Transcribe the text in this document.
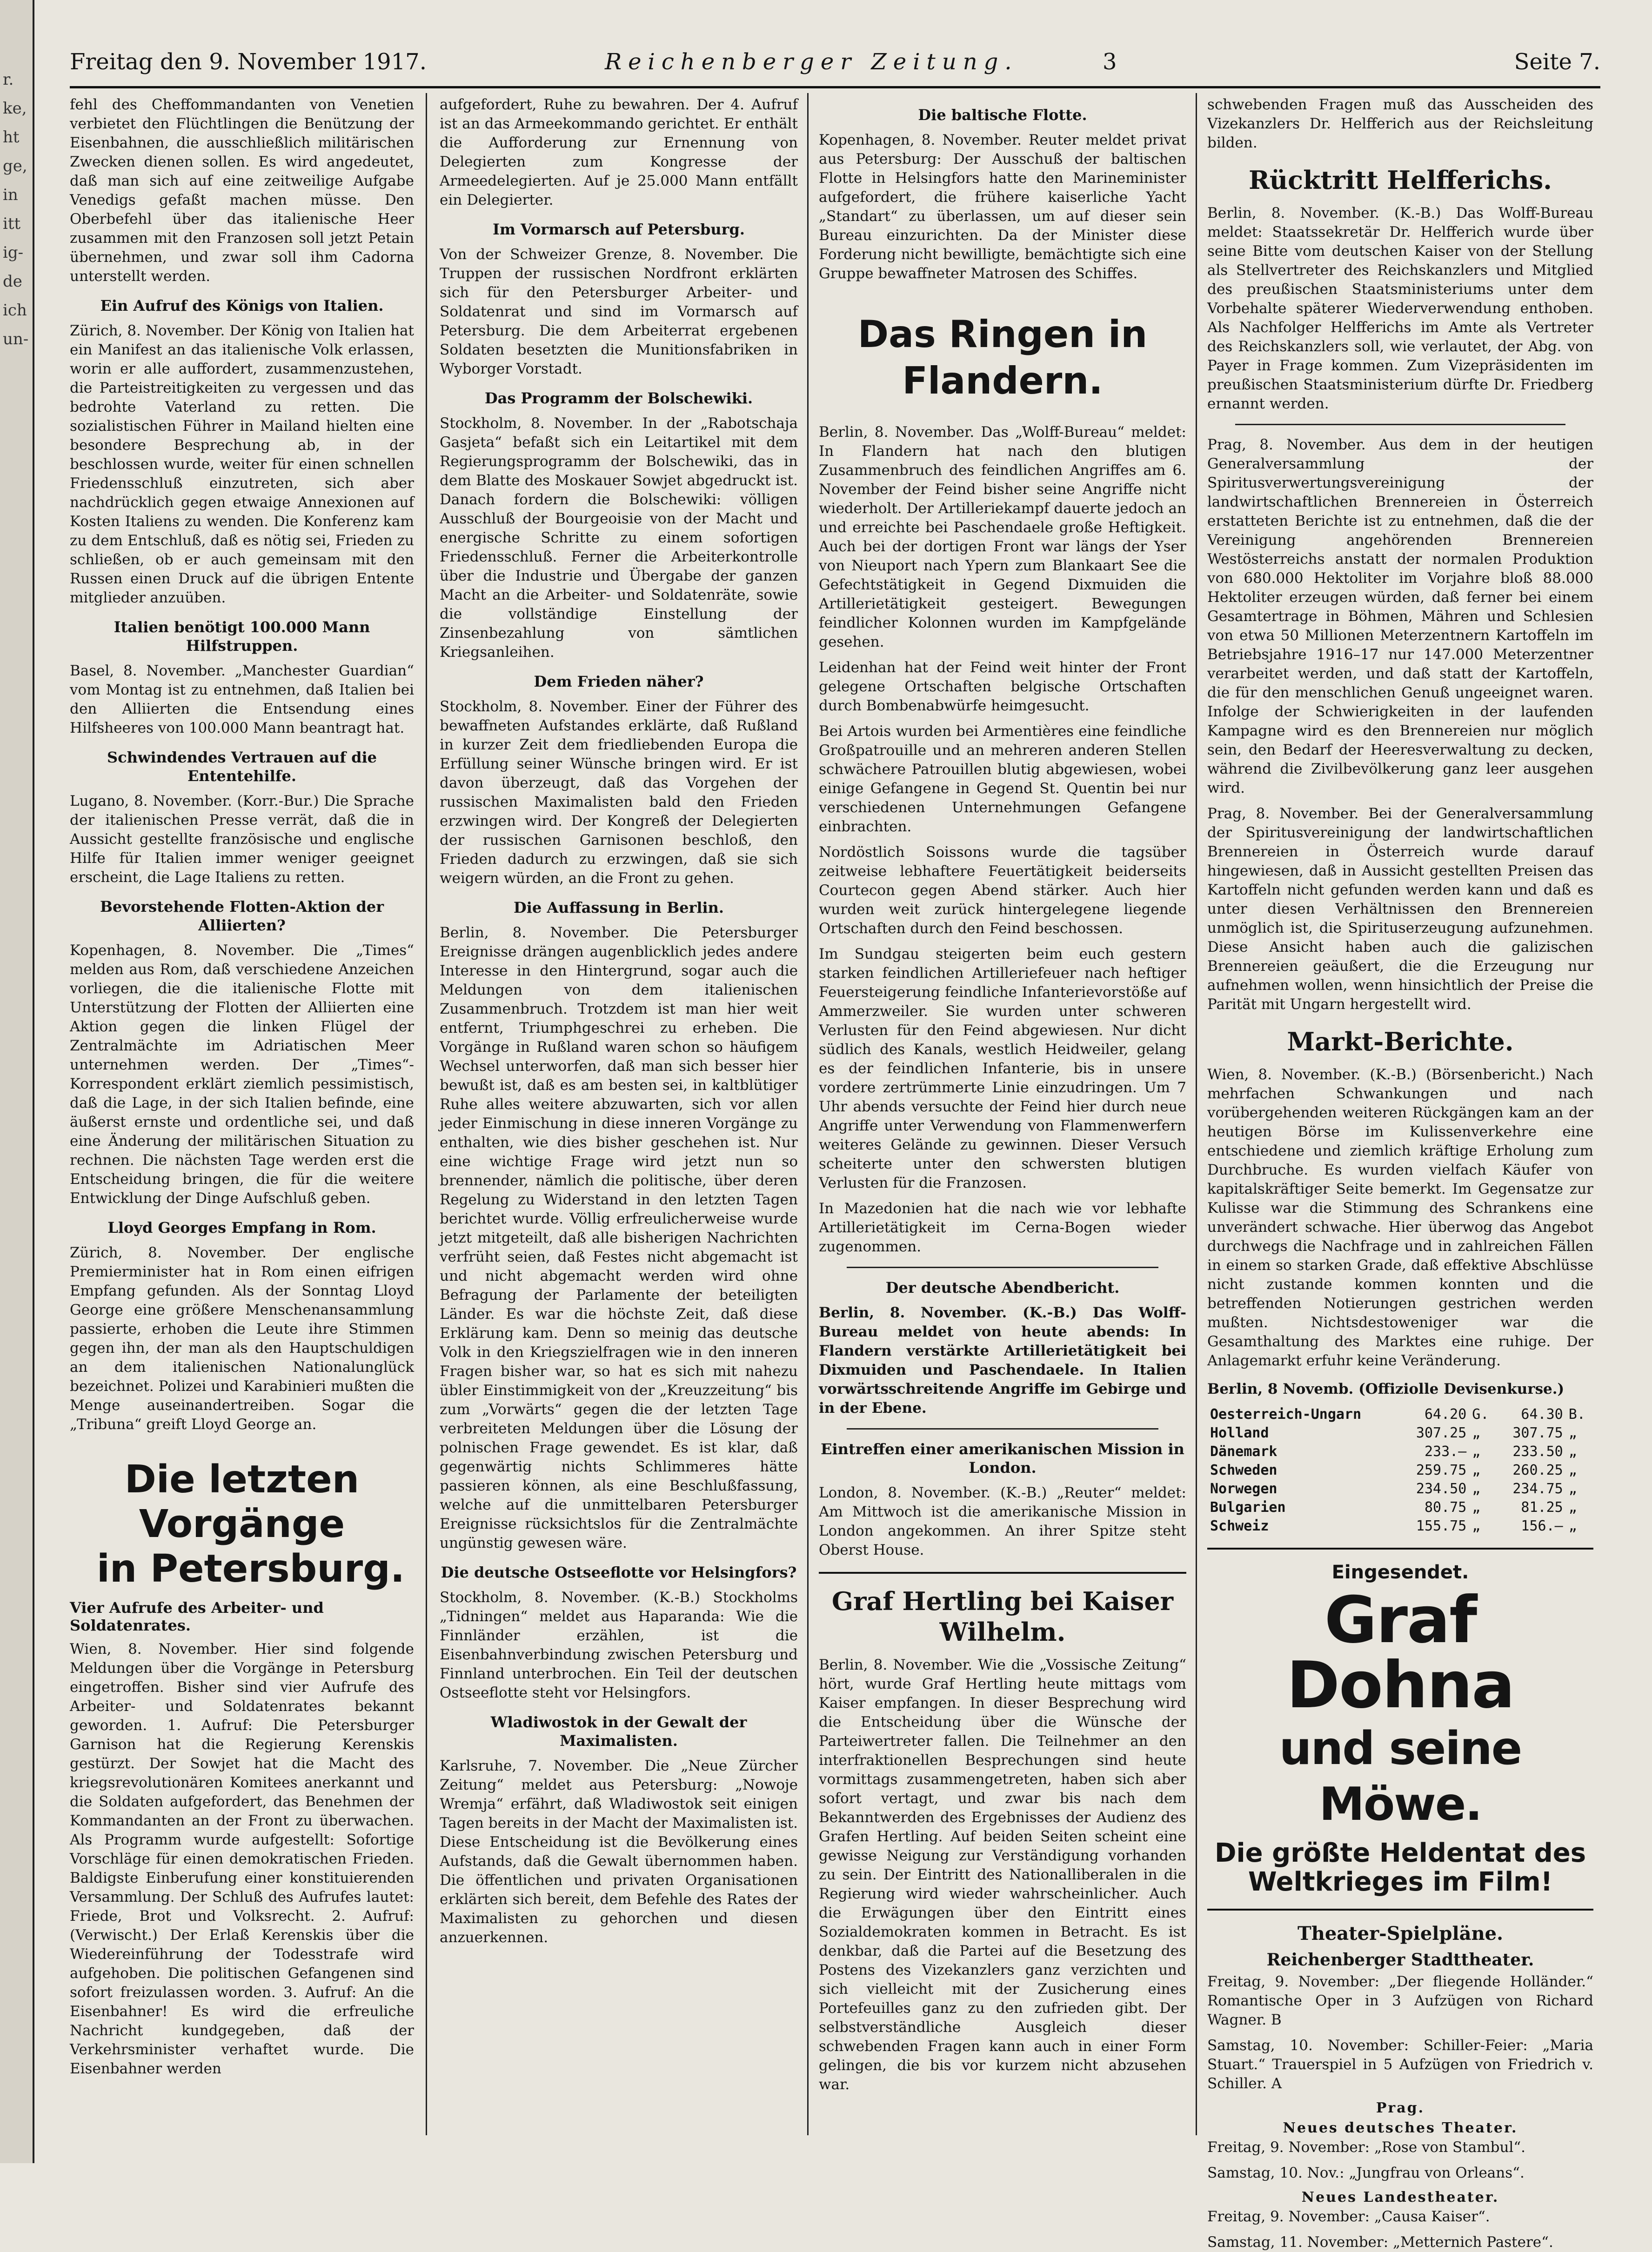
r.
ke,
ht
ge,
in
itt
ig-
de
ich
un-
Freitag den 9. November 1917.	Reichenberger Zeitung.	3	Seite 7.

fehl des Cheffommandanten von Venetien verbietet den Flüchtlingen die Benützung der Eisenbahnen, die ausschließlich militärischen Zwecken dienen sollen. Es wird angedeutet, daß man sich auf eine zeitweilige Aufgabe Venedigs gefaßt machen müsse. Den Oberbefehl über das italienische Heer zusammen mit den Franzosen soll jetzt Petain übernehmen, und zwar soll ihm Cadorna unterstellt werden.

Ein Aufruf des Königs von Italien.

Zürich, 8. November. Der König von Italien hat ein Manifest an das italienische Volk erlassen, worin er alle auffordert, zusammenzustehen, die Parteistreitigkeiten zu vergessen und das bedrohte Vaterland zu retten. Die sozialistischen Führer in Mailand hielten eine besondere Besprechung ab, in der beschlossen wurde, weiter für einen schnellen Friedensschluß einzutreten, sich aber nachdrücklich gegen etwaige Annexionen auf Kosten Italiens zu wenden. Die Konferenz kam zu dem Entschluß, daß es nötig sei, Frieden zu schließen, ob er auch gemeinsam mit den Russen einen Druck auf die übrigen Entente mitglieder anzuüben.

Italien benötigt 100.000 Mann Hilfstruppen.

Basel, 8. November. „Manchester Guardian“ vom Montag ist zu entnehmen, daß Italien bei den Alliierten die Entsendung eines Hilfsheeres von 100.000 Mann beantragt hat.

Schwindendes Vertrauen auf die Ententehilfe.

Lugano, 8. November. (Korr.-Bur.) Die Sprache der italienischen Presse verrät, daß die in Aussicht gestellte französische und englische Hilfe für Italien immer weniger geeignet erscheint, die Lage Italiens zu retten.

Bevorstehende Flotten-Aktion der Alliierten?

Kopenhagen, 8. November. Die „Times“ melden aus Rom, daß verschiedene Anzeichen vorliegen, die die italienische Flotte mit Unterstützung der Flotten der Alliierten eine Aktion gegen die linken Flügel der Zentralmächte im Adriatischen Meer unternehmen werden. Der „Times“-Korrespondent erklärt ziemlich pessimistisch, daß die Lage, in der sich Italien befinde, eine äußerst ernste und ordentliche sei, und daß eine Änderung der militärischen Situation zu rechnen. Die nächsten Tage werden erst die Entscheidung bringen, die für die weitere Entwicklung der Dinge Aufschluß geben.

Lloyd Georges Empfang in Rom.

Zürich, 8. November. Der englische Premierminister hat in Rom einen eifrigen Empfang gefunden. Als der Sonntag Lloyd George eine größere Menschenansammlung passierte, erhoben die Leute ihre Stimmen gegen ihn, der man als den Hauptschuldigen an dem italienischen Nationalunglück bezeichnet. Polizei und Karabinieri mußten die Menge auseinandertreiben. Sogar die „Tribuna“ greift Lloyd George an.

Die letzten Vorgänge

in Petersburg.
Vier Aufrufe des Arbeiter- und Soldatenrates.

Wien, 8. November. Hier sind folgende Meldungen über die Vorgänge in Petersburg eingetroffen. Bisher sind vier Aufrufe des Arbeiter- und Soldatenrates bekannt geworden. 1. Aufruf: Die Petersburger Garnison hat die Regierung Kerenskis gestürzt. Der Sowjet hat die Macht des kriegsrevolutionären Komitees anerkannt und die Soldaten aufgefordert, das Benehmen der Kommandanten an der Front zu überwachen. Als Programm wurde aufgestellt: Sofortige Vorschläge für einen demokratischen Frieden. Baldigste Einberufung einer konstituierenden Versammlung. Der Schluß des Aufrufes lautet: Friede, Brot und Volksrecht. 2. Aufruf: (Verwischt.) Der Erlaß Kerenskis über die Wiedereinführung der Todesstrafe wird aufgehoben. Die politischen Gefangenen sind sofort freizulassen worden. 3. Aufruf: An die Eisenbahner! Es wird die erfreuliche Nachricht kundgegeben, daß der Verkehrsminister verhaftet wurde. Die Eisenbahner werden

aufgefordert, Ruhe zu bewahren. Der 4. Aufruf ist an das Armeekommando gerichtet. Er enthält die Aufforderung zur Ernennung von Delegierten zum Kongresse der Armeedelegierten. Auf je 25.000 Mann entfällt ein Delegierter.

Im Vormarsch auf Petersburg.

Von der Schweizer Grenze, 8. November. Die Truppen der russischen Nordfront erklärten sich für den Petersburger Arbeiter- und Soldatenrat und sind im Vormarsch auf Petersburg. Die dem Arbeiterrat ergebenen Soldaten besetzten die Munitionsfabriken in Wyborger Vorstadt.

Das Programm der Bolschewiki.

Stockholm, 8. November. In der „Rabotschaja Gasjeta“ befaßt sich ein Leitartikel mit dem Regierungsprogramm der Bolschewiki, das in dem Blatte des Moskauer Sowjet abgedruckt ist. Danach fordern die Bolschewiki: völligen Ausschluß der Bourgeoisie von der Macht und energische Schritte zu einem sofortigen Friedensschluß. Ferner die Arbeiterkontrolle über die Industrie und Übergabe der ganzen Macht an die Arbeiter- und Soldatenräte, sowie die vollständige Einstellung der Zinsenbezahlung von sämtlichen Kriegsanleihen.

Dem Frieden näher?

Stockholm, 8. November. Einer der Führer des bewaffneten Aufstandes erklärte, daß Rußland in kurzer Zeit dem friedliebenden Europa die Erfüllung seiner Wünsche bringen wird. Er ist davon überzeugt, daß das Vorgehen der russischen Maximalisten bald den Frieden erzwingen wird. Der Kongreß der Delegierten der russischen Garnisonen beschloß, den Frieden dadurch zu erzwingen, daß sie sich weigern würden, an die Front zu gehen.

Die Auffassung in Berlin.

Berlin, 8. November. Die Petersburger Ereignisse drängen augenblicklich jedes andere Interesse in den Hintergrund, sogar auch die Meldungen von dem italienischen Zusammenbruch. Trotzdem ist man hier weit entfernt, Triumphgeschrei zu erheben. Die Vorgänge in Rußland waren schon so häufigem Wechsel unterworfen, daß man sich besser hier bewußt ist, daß es am besten sei, in kaltblütiger Ruhe alles weitere abzuwarten, sich vor allen jeder Einmischung in diese inneren Vorgänge zu enthalten, wie dies bisher geschehen ist. Nur eine wichtige Frage wird jetzt nun so brennender, nämlich die politische, über deren Regelung zu Widerstand in den letzten Tagen berichtet wurde. Völlig erfreulicherweise wurde jetzt mitgeteilt, daß alle bisherigen Nachrichten verfrüht seien, daß Festes nicht abgemacht ist und nicht abgemacht werden wird ohne Befragung der Parlamente der beteiligten Länder. Es war die höchste Zeit, daß diese Erklärung kam. Denn so meinig das deutsche Volk in den Kriegszielfragen wie in den inneren Fragen bisher war, so hat es sich mit nahezu übler Einstimmigkeit von der „Kreuzzeitung“ bis zum „Vorwärts“ gegen die der letzten Tage verbreiteten Meldungen über die Lösung der polnischen Frage gewendet. Es ist klar, daß gegenwärtig nichts Schlimmeres hätte passieren können, als eine Beschlußfassung, welche auf die unmittelbaren Petersburger Ereignisse rücksichtslos für die Zentralmächte ungünstig gewesen wäre.

Die deutsche Ostseeflotte vor Helsingfors?

Stockholm, 8. November. (K.-B.) Stockholms „Tidningen“ meldet aus Haparanda: Wie die Finnländer erzählen, ist die Eisenbahnverbindung zwischen Petersburg und Finnland unterbrochen. Ein Teil der deutschen Ostseeflotte steht vor Helsingfors.

Wladiwostok in der Gewalt der Maximalisten.

Karlsruhe, 7. November. Die „Neue Zürcher Zeitung“ meldet aus Petersburg: „Nowoje Wremja“ erfährt, daß Wladiwostok seit einigen Tagen bereits in der Macht der Maximalisten ist. Diese Entscheidung ist die Bevölkerung eines Aufstands, daß die Gewalt übernommen haben. Die öffentlichen und privaten Organisationen erklärten sich bereit, dem Befehle des Rates der Maximalisten zu gehorchen und diesen anzuerkennen.

Die baltische Flotte.

Kopenhagen, 8. November. Reuter meldet privat aus Petersburg: Der Ausschuß der baltischen Flotte in Helsingfors hatte den Marineminister aufgefordert, die frühere kaiserliche Yacht „Standart“ zu überlassen, um auf dieser sein Bureau einzurichten. Da der Minister diese Forderung nicht bewilligte, bemächtigte sich eine Gruppe bewaffneter Matrosen des Schiffes.

Das Ringen in Flandern.

Berlin, 8. November. Das „Wolff-Bureau“ meldet: In Flandern hat nach den blutigen Zusammenbruch des feindlichen Angriffes am 6. November der Feind bisher seine Angriffe nicht wiederholt. Der Artilleriekampf dauerte jedoch an und erreichte bei Paschendaele große Heftigkeit. Auch bei der dortigen Front war längs der Yser von Nieuport nach Ypern zum Blankaart See die Gefechtstätigkeit in Gegend Dixmuiden die Artillerietätigkeit gesteigert. Bewegungen feindlicher Kolonnen wurden im Kampfgelände gesehen.

Leidenhan hat der Feind weit hinter der Front gelegene Ortschaften belgische Ortschaften durch Bombenabwürfe heimgesucht.

Bei Artois wurden bei Armentières eine feindliche Großpatrouille und an mehreren anderen Stellen schwächere Patrouillen blutig abgewiesen, wobei einige Gefangene in Gegend St. Quentin bei nur verschiedenen Unternehmungen Gefangene einbrachten.

Nordöstlich Soissons wurde die tagsüber zeitweise lebhaftere Feuertätigkeit beiderseits Courtecon gegen Abend stärker. Auch hier wurden weit zurück hintergelegene liegende Ortschaften durch den Feind beschossen.

Im Sundgau steigerten beim euch gestern starken feindlichen Artilleriefeuer nach heftiger Feuersteigerung feindliche Infanterievorstöße auf Ammerzweiler. Sie wurden unter schweren Verlusten für den Feind abgewiesen. Nur dicht südlich des Kanals, westlich Heidweiler, gelang es der feindlichen Infanterie, bis in unsere vordere zertrümmerte Linie einzudringen. Um 7 Uhr abends versuchte der Feind hier durch neue Angriffe unter Verwendung von Flammenwerfern weiteres Gelände zu gewinnen. Dieser Versuch scheiterte unter den schwersten blutigen Verlusten für die Franzosen.

In Mazedonien hat die nach wie vor lebhafte Artillerietätigkeit im Cerna-Bogen wieder zugenommen.

Der deutsche Abendbericht.

Berlin, 8. November. (K.-B.) Das Wolff-Bureau meldet von heute abends: In Flandern verstärkte Artillerietätigkeit bei Dixmuiden und Paschendaele. In Italien vorwärtsschreitende Angriffe im Gebirge und in der Ebene.

Eintreffen einer amerikanischen Mission in London.

London, 8. November. (K.-B.) „Reuter“ meldet: Am Mittwoch ist die amerikanische Mission in London angekommen. An ihrer Spitze steht Oberst House.

Graf Hertling bei Kaiser Wilhelm.

Berlin, 8. November. Wie die „Vossische Zeitung“ hört, wurde Graf Hertling heute mittags vom Kaiser empfangen. In dieser Besprechung wird die Entscheidung über die Wünsche der Parteiwertreter fallen. Die Teilnehmer an den interfraktionellen Besprechungen sind heute vormittags zusammengetreten, haben sich aber sofort vertagt, und zwar bis nach dem Bekanntwerden des Ergebnisses der Audienz des Grafen Hertling. Auf beiden Seiten scheint eine gewisse Neigung zur Verständigung vorhanden zu sein. Der Eintritt des Nationalliberalen in die Regierung wird wieder wahrscheinlicher. Auch die Erwägungen über den Eintritt eines Sozialdemokraten kommen in Betracht. Es ist denkbar, daß die Partei auf die Besetzung des Postens des Vizekanzlers ganz verzichten und sich vielleicht mit der Zusicherung eines Portefeuilles ganz zu den zufrieden gibt. Der selbstverständliche Ausgleich dieser schwebenden Fragen kann auch in einer Form gelingen, die bis vor kurzem nicht abzusehen war.

schwebenden Fragen muß das Ausscheiden des Vizekanzlers Dr. Helfferich aus der Reichsleitung bilden.

Rücktritt Helfferichs.

Berlin, 8. November. (K.-B.) Das Wolff-Bureau meldet: Staatssekretär Dr. Helfferich wurde über seine Bitte vom deutschen Kaiser von der Stellung als Stellvertreter des Reichskanzlers und Mitglied des preußischen Staatsministeriums unter dem Vorbehalte späterer Wiederverwendung enthoben. Als Nachfolger Helfferichs im Amte als Vertreter des Reichskanzlers soll, wie verlautet, der Abg. von Payer in Frage kommen. Zum Vizepräsidenten im preußischen Staatsministerium dürfte Dr. Friedberg ernannt werden.

Prag, 8. November. Aus dem in der heutigen Generalversammlung der Spiritusverwertungsvereinigung der landwirtschaftlichen Brennereien in Österreich erstatteten Berichte ist zu entnehmen, daß die der Vereinigung angehörenden Brennereien Westösterreichs anstatt der normalen Produktion von 680.000 Hektoliter im Vorjahre bloß 88.000 Hektoliter erzeugen würden, daß ferner bei einem Gesamtertrage in Böhmen, Mähren und Schlesien von etwa 50 Millionen Meterzentnern Kartoffeln im Betriebsjahre 1916–17 nur 147.000 Meterzentner verarbeitet werden, und daß statt der Kartoffeln, die für den menschlichen Genuß ungeeignet waren. Infolge der Schwierigkeiten in der laufenden Kampagne wird es den Brennereien nur möglich sein, den Bedarf der Heeresverwaltung zu decken, während die Zivilbevölkerung ganz leer ausgehen wird.

Prag, 8. November. Bei der Generalversammlung der Spiritusvereinigung der landwirtschaftlichen Brennereien in Österreich wurde darauf hingewiesen, daß in Aussicht gestellten Preisen das Kartoffeln nicht gefunden werden kann und daß es unter diesen Verhältnissen den Brennereien unmöglich ist, die Spirituserzeugung aufzunehmen. Diese Ansicht haben auch die galizischen Brennereien geäußert, die die Erzeugung nur aufnehmen wollen, wenn hinsichtlich der Preise die Parität mit Ungarn hergestellt wird.

Markt-Berichte.

Wien, 8. November. (K.-B.) (Börsenbericht.) Nach mehrfachen Schwankungen und nach vorübergehenden weiteren Rückgängen kam an der heutigen Börse im Kulissenverkehre eine entschiedene und ziemlich kräftige Erholung zum Durchbruche. Es wurden vielfach Käufer von kapitalskräftiger Seite bemerkt. Im Gegensatze zur Kulisse war die Stimmung des Schrankens eine unverändert schwache. Hier überwog das Angebot durchwegs die Nachfrage und in zahlreichen Fällen in einem so starken Grade, daß effektive Abschlüsse nicht zustande kommen konnten und die betreffenden Notierungen gestrichen werden mußten. Nichtsdestoweniger war die Gesamthaltung des Marktes eine ruhige. Der Anlagemarkt erfuhr keine Veränderung.

Berlin, 8 Novemb. (Offiziolle Devisenkurse.)

Oesterreich-Ungarn	64.20	G.	64.30	B.
Holland	307.25	„	307.75	„
Dänemark	233.–	„	233.50	„
Schweden	259.75	„	260.25	„
Norwegen	234.50	„	234.75	„
Bulgarien	80.75	„	81.25	„
Schweiz	155.75	„	156.–	„
Eingesendet.
Graf Dohna
und seine Möwe.
Die größte Heldentat des Weltkrieges im Film!
Theater-Spielpläne.
Reichenberger Stadttheater.

Freitag, 9. November: „Der fliegende Holländer.“ Romantische Oper in 3 Aufzügen von Richard Wagner. B

Samstag, 10. November: Schiller-Feier: „Maria Stuart.“ Trauerspiel in 5 Aufzügen von Friedrich v. Schiller. A

Prag.
Neues deutsches Theater.

Freitag, 9. November: „Rose von Stambul“.

Samstag, 10. Nov.: „Jungfrau von Orleans“.

Neues Landestheater.

Freitag, 9. November: „Causa Kaiser“.

Samstag, 11. November: „Metternich Pastere“.
